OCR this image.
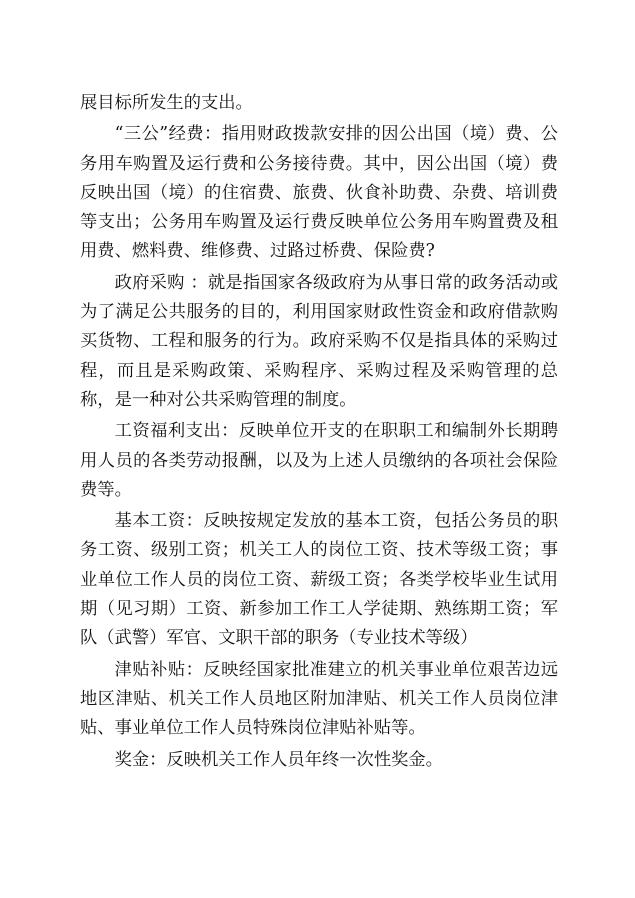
展目标所发生的支出。

“三公”经费：指用财政拨款安排的因公出国（境）费、公务用车购置及运行费和公务接待费。其中，因公出国（境）费反映出国（境）的住宿费、旅费、伙食补助费、杂费、培训费等支出；公务用车购置及运行费反映单位公务用车购置费及租用费、燃料费、维修费、过路过桥费、保险费?

政府采购 ：就是指国家各级政府为从事日常的政务活动或为了满足公共服务的目的，利用国家财政性资金和政府借款购买货物、工程和服务的行为。政府采购不仅是指具体的采购过程，而且是采购政策、采购程序、采购过程及采购管理的总称，是一种对公共采购管理的制度。

工资福利支出：反映单位开支的在职职工和编制外长期聘用人员的各类劳动报酬，以及为上述人员缴纳的各项社会保险费等。

基本工资：反映按规定发放的基本工资，包括公务员的职务工资、级别工资；机关工人的岗位工资、技术等级工资；事业单位工作人员的岗位工资、薪级工资；各类学校毕业生试用期（见习期）工资、新参加工作工人学徒期、熟练期工资；军队（武警）军官、文职干部的职务（专业技术等级）

津贴补贴：反映经国家批准建立的机关事业单位艰苦边远地区津贴、机关工作人员地区附加津贴、机关工作人员岗位津贴、事业单位工作人员特殊岗位津贴补贴等。

奖金：反映机关工作人员年终一次性奖金。
